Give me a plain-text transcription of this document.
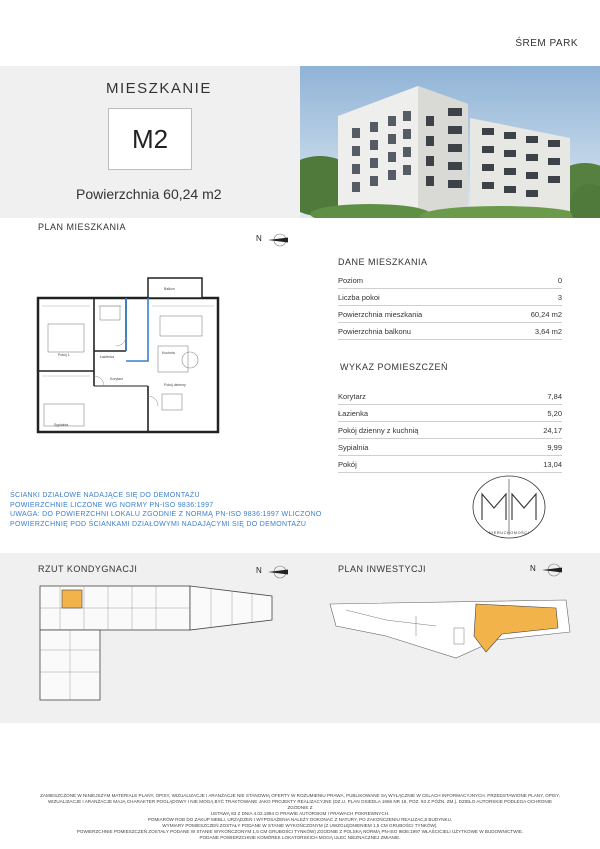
ŚREM PARK
MIESZKANIE
M2
Powierzchnia 60,24 m2
PLAN MIESZKANIA
N
Pokój 1	Łazienka
Kuchnia
Korytarz
Sypialnia
Pokój dzienny
Balkon
DANE MIESZKANIA
Poziom	0
Liczba pokoi	3
Powierzchnia mieszkania	60,24 m2
Powierzchnia balkonu	3,64 m2
WYKAZ POMIESZCZEŃ
Korytarz	7,84
Łazienka	5,20
Pokój dzienny z kuchnią	24,17
Sypialnia	9,99
Pokój	13,04
ŚCIANKI DZIAŁOWE NADAJĄCE SIĘ DO DEMONTAŻU
POWIERZCHNIE LICZONE WG NORMY PN-ISO 9836:1997
UWAGA: DO POWIERZCHNI LOKALU ZGODNIE Z NORMĄ PN-ISO 9836:1997 WLICZONO
POWIERZCHNIĘ POD ŚCIANKAMI DZIAŁOWYMI NADAJĄCYMI SIĘ DO DEMONTAŻU
NIERUCHOMOŚCI
RZUT KONDYGNACJI	N	PLAN INWESTYCJI	N
ZAMIESZCZONE W NINIEJSZYM MATERIALE PLANY, OPISY, WIZUALIZACJE I ARANŻACJE NIE STANOWIĄ OFERTY W ROZUMIENIU PRAWA, PUBLIKOWANE SĄ WYŁĄCZNIE W CELACH INFORMACYJNYCH. PRZEDSTAWIONE PLANY, OPISY,
WIZUALIZACJE I ARANŻACJE MAJĄ CHARAKTER POGLĄDOWY I NIE MOGĄ BYĆ TRAKTOWANE JAKO PROJEKTY REALIZACYJNE (DZ.U. PLAN OSIEDLA 1966 NR 16, POZ. 93 Z PÓŹN. ZM.). DZIEŁO AUTORSKIE PODLEGA OCHRONIE ZGODNIE Z
USTAWĄ 83 Z DNIA 4.02.1994 O PRAWIE AUTORSKIM I PRAWACH POKREWNYCH.
POMIARÓW ROB DO ZAKUP MEBLI, URZĄDZEŃ I WYPOSAŻENIA NALEŻY DOKONAĆ Z NATURY, PO ZAKOŃCZENIU REALIZACJI BUDYNKU.
WYMIARY POMIESZCZEŃ ZOSTAŁY PODANE W STANIE WYKOŃCZONYM (Z UWZGLĘDNIENIEM 1,5 CM GRUBOŚCI TYNKÓW).
POWIERZCHNIE POMIESZCZEŃ ZOSTAŁY PODANE W STANIE WYKOŃCZONYM 1,5 CM GRUBOŚCI TYNKÓW) ZGODNIE Z POLSKĄ NORMĄ PN-ISO 9836:1997 WŁAŚCICIELI UŻYTKOWE W BUDOWNICTWIE.
PODANE POWIERZCHNIE KOMÓREK LOKATORSKICH MOGĄ ULEC NIEZNACZNEJ ZMIANIE.
